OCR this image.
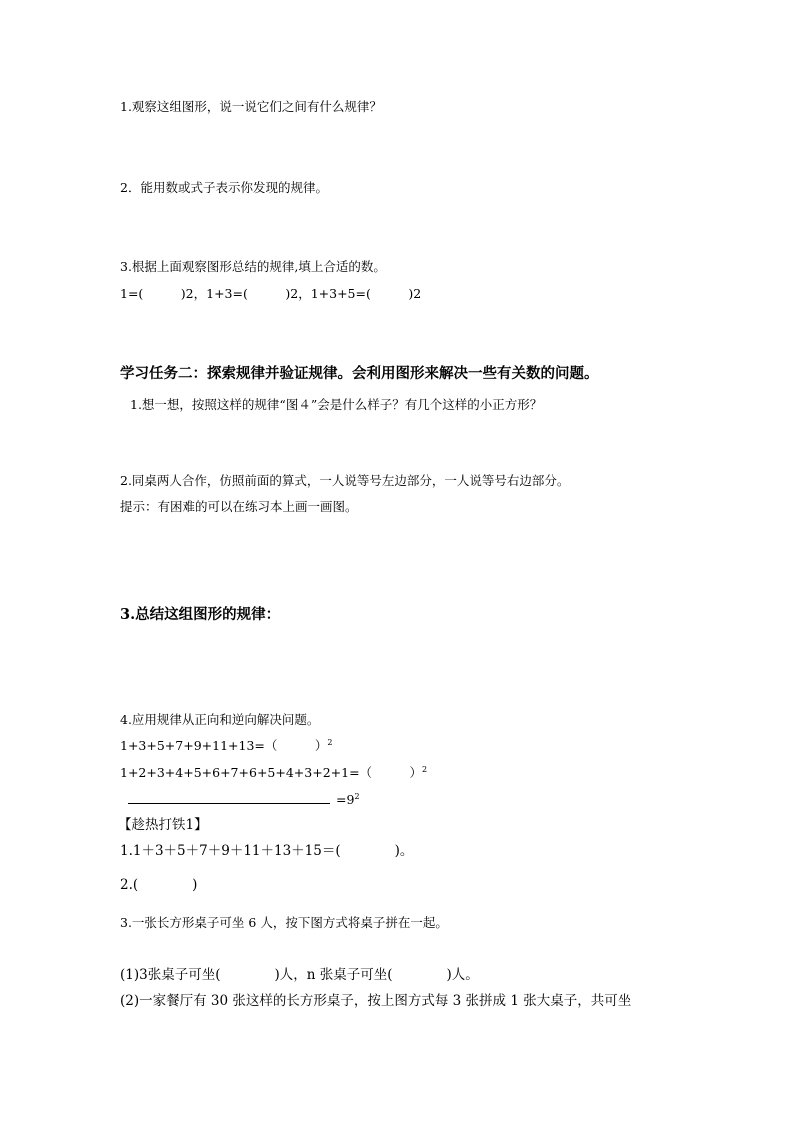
1.观察这组图形，说一说它们之间有什么规律？
2．能用数或式子表示你发现的规律。
3.根据上面观察图形总结的规律,填上合适的数。
1=(　　　)2，1+3=(　　　)2，1+3+5=(　　　)2
学习任务二：探索规律并验证规律。会利用图形来解决一些有关数的问题。
1.想一想，按照这样的规律“图４”会是什么样子？有几个这样的小正方形？
2.同桌两人合作，仿照前面的算式，一人说等号左边部分，一人说等号右边部分。
提示：有困难的可以在练习本上画一画图。
3.总结这组图形的规律：
4.应用规律从正向和逆向解决问题。
1+3+5+7+9+11+13=（　　　）$^2$
1+2+3+4+5+6+7+6+5+4+3+2+1=（　　　）$^2$
$=9^2$
【趁热打铁1】
1.1＋3＋5＋7＋9＋11＋13＋15＝(　　　　)。
2.(　　　　)
3.一张长方形桌子可坐 6 人，按下图方式将桌子拼在一起。
(1)3张桌子可坐(　　　　)人，n 张桌子可坐(　　　　)人。
(2)一家餐厅有 30 张这样的长方形桌子，按上图方式每 3 张拼成 1 张大桌子，共可坐
